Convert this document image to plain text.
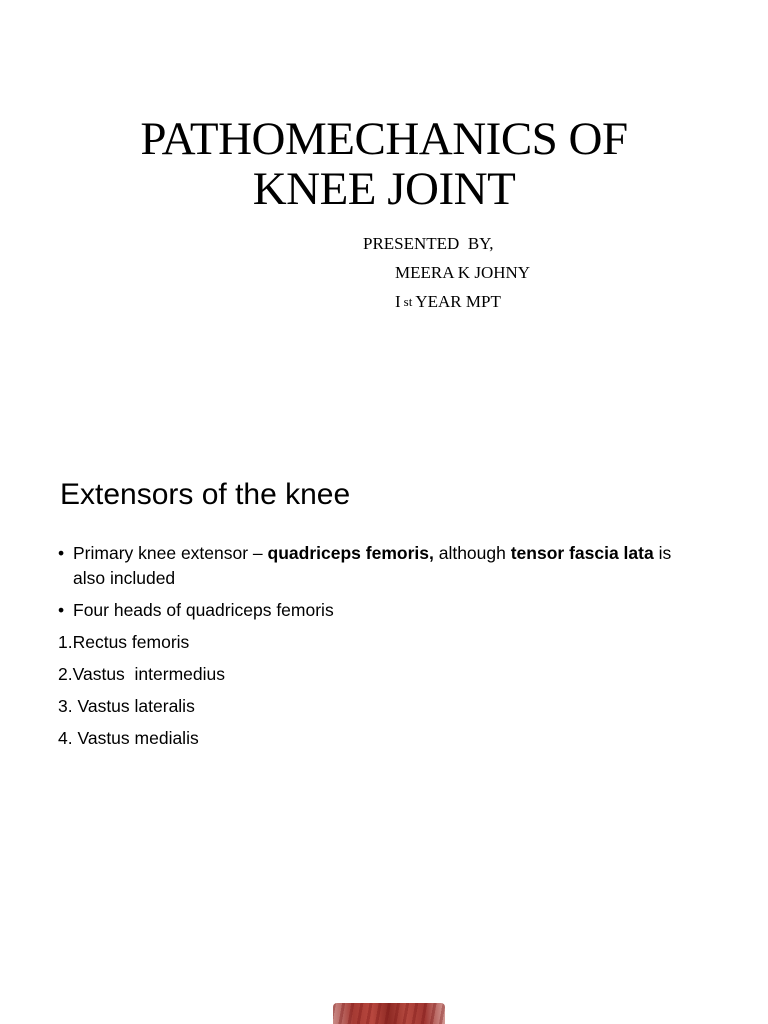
PATHOMECHANICS OF
KNEE JOINT
PRESENTED  BY,
MEERA K JOHNY
I st YEAR MPT
Extensors of the knee
• Primary knee extensor – quadriceps femoris, although tensor fascia lata is also included
• Four heads of quadriceps femoris
1.Rectus femoris
2.Vastus  intermedius
3. Vastus lateralis
4. Vastus medialis
